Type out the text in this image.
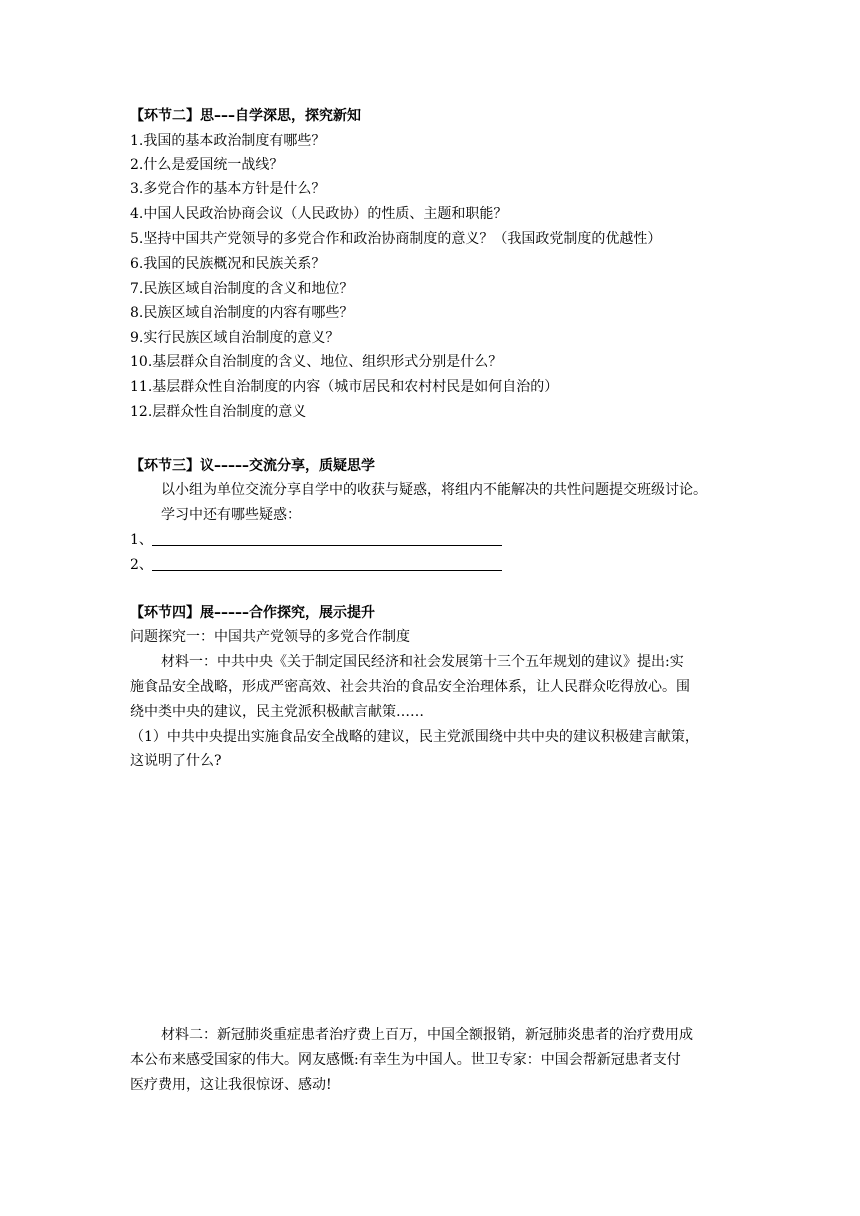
【环节二】思–––自学深思，探究新知
1.我国的基本政治制度有哪些？
2.什么是爱国统一战线？
3.多党合作的基本方针是什么？
4.中国人民政治协商会议（人民政协）的性质、主题和职能？
5.坚持中国共产党领导的多党合作和政治协商制度的意义？（我国政党制度的优越性）
6.我国的民族概况和民族关系？
7.民族区域自治制度的含义和地位？
8.民族区域自治制度的内容有哪些？
9.实行民族区域自治制度的意义？
10.基层群众自治制度的含义、地位、组织形式分别是什么？
11.基层群众性自治制度的内容（城市居民和农村村民是如何自治的）
12.层群众性自治制度的意义
【环节三】议–––––交流分享，质疑思学
以小组为单位交流分享自学中的收获与疑惑，将组内不能解决的共性问题提交班级讨论。
学习中还有哪些疑惑：
1、
2、
【环节四】展–––––合作探究，展示提升
问题探究一：中国共产党领导的多党合作制度
材料一：中共中央《关于制定国民经济和社会发展第十三个五年规划的建议》提出:实
施食品安全战略，形成严密高效、社会共治的食品安全治理体系，让人民群众吃得放心。围
绕中类中央的建议，民主党派积极献言献策……
（1）中共中央提出实施食品安全战略的建议，民主党派围绕中共中央的建议积极建言献策，
这说明了什么?
材料二：新冠肺炎重症患者治疗费上百万，中国全额报销，新冠肺炎患者的治疗费用成
本公布来感受国家的伟大。网友感慨:有幸生为中国人。世卫专家：中国会帮新冠患者支付
医疗费用，这让我很惊讶、感动!
